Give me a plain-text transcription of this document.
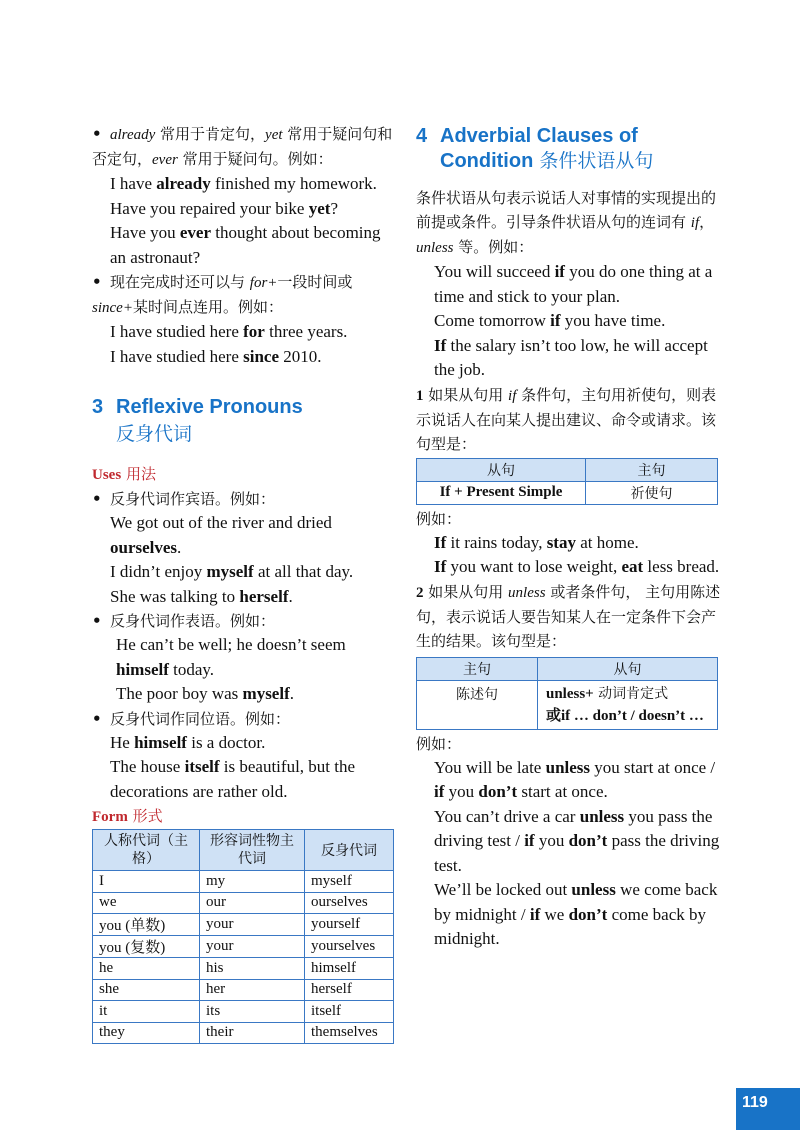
• already 常用于肯定句，yet 常用于疑问句和否定句，ever 常用于疑问句。例如：
I have already finished my homework.
Have you repaired your bike yet?
Have you ever thought about becoming an astronaut?
• 现在完成时还可以与 for+一段时间或 since+某时间点连用。例如：
I have studied here for three years.
I have studied here since 2010.
3 Reflexive Pronouns
反身代词
Uses 用法
• 反身代词作宾语。例如：
We got out of the river and dried ourselves.
I didn’t enjoy myself at all that day.
She was talking to herself.
• 反身代词作表语。例如：
He can’t be well; he doesn’t seem himself today.
The poor boy was myself.
• 反身代词作同位语。例如：
He himself is a doctor.
The house itself is beautiful, but the decorations are rather old.
Form 形式
人称代词（主格）	形容词性物主代词	反身代词
I	my	myself
we	our	ourselves
you (单数)	your	yourself
you (复数)	your	yourselves
he	his	himself
she	her	herself
it	its	itself
they	their	themselves
4 Adverbial Clauses of
Condition 条件状语从句
条件状语从句表示说话人对事情的实现提出的前提或条件。引导条件状语从句的连词有 if，unless 等。例如：
You will succeed if you do one thing at a time and stick to your plan.
Come tomorrow if you have time.
If the salary isn’t too low, he will accept the job.
1 如果从句用 if 条件句，主句用祈使句，则表示说话人在向某人提出建议、命令或请求。该句型是：
从句	主句
If + Present Simple	祈使句
例如：
If it rains today, stay at home.
If you want to lose weight, eat less bread.
2 如果从句用 unless 或者条件句， 主句用陈述句，表示说话人要告知某人在一定条件下会产生的结果。该句型是：
主句	从句
陈述句	unless+ 动词肯定式
或if … don’t / doesn’t …
例如：
You will be late unless you start at once / if you don’t start at once.
You can’t drive a car unless you pass the driving test / if you don’t pass the driving test.
We’ll be locked out unless we come back by midnight / if we don’t come back by midnight.
119
